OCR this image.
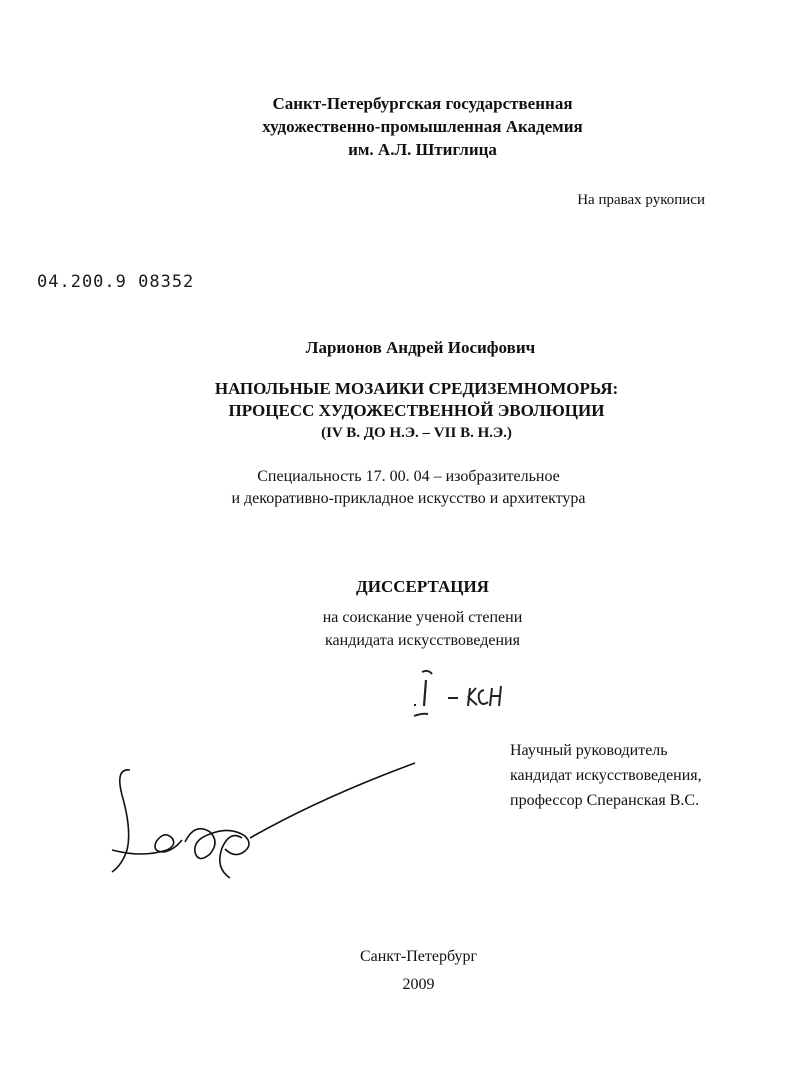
Санкт-Петербургская государственная
художественно-промышленная Академия
им. А.Л. Штиглица
На правах рукописи
04.200.9 08352
Ларионов Андрей Иосифович
НАПОЛЬНЫЕ МОЗАИКИ СРЕДИЗЕМНОМОРЬЯ:
ПРОЦЕСС ХУДОЖЕСТВЕННОЙ ЭВОЛЮЦИИ
(IV В. ДО Н.Э. – VII В. Н.Э.)
Специальность 17. 00. 04 – изобразительное
и декоративно-прикладное искусство и архитектура
ДИССЕРТАЦИЯ
на соискание ученой степени
кандидата искусствоведения
Научный руководитель
кандидат искусствоведения,
профессор Сперанская В.С.
Санкт-Петербург
2009
